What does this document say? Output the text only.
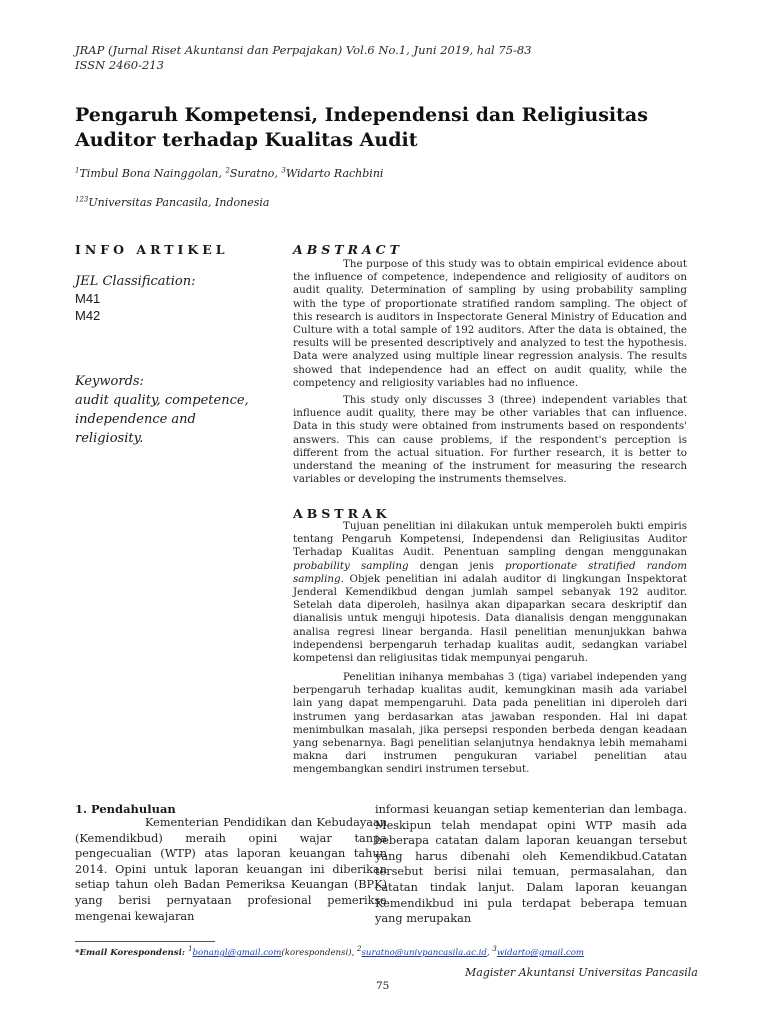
JRAP (Jurnal Riset Akuntansi dan Perpajakan) Vol.6 No.1, Juni 2019, hal 75-83
ISSN 2460-213
Pengaruh Kompetensi, Independensi dan Religiusitas Auditor terhadap Kualitas Audit
$^1$Timbul Bona Nainggolan, $^2$Suratno, $^3$Widarto Rachbini
$^{123}$Universitas Pancasila, Indonesia
INFO ARTIKEL
JEL Classification:
M41
M42
Keywords:
audit quality, competence, independence and religiosity.
ABSTRACT

The purpose of this study was to obtain empirical evidence about the influence of competence, independence and religiosity of auditors on audit quality. Determination of sampling by using probability sampling with the type of proportionate stratified random sampling. The object of this research is auditors in Inspectorate General Ministry of Education and Culture with a total sample of 192 auditors. After the data is obtained, the results will be presented descriptively and analyzed to test the hypothesis. Data were analyzed using multiple linear regression analysis. The results showed that independence had an effect on audit quality, while the competency and religiosity variables had no influence.

This study only discusses 3 (three) independent variables that influence audit quality, there may be other variables that can influence. Data in this study were obtained from instruments based on respondents' answers. This can cause problems, if the respondent's perception is different from the actual situation. For further research, it is better to understand the meaning of the instrument for measuring the research variables or developing the instruments themselves.

ABSTRAK

Tujuan penelitian ini dilakukan untuk memperoleh bukti empiris tentang Pengaruh Kompetensi, Independensi dan Religiusitas Auditor Terhadap Kualitas Audit. Penentuan sampling dengan menggunakan probability sampling dengan jenis proportionate stratified random sampling. Objek penelitian ini adalah auditor di lingkungan Inspektorat Jenderal Kemendikbud dengan jumlah sampel sebanyak 192 auditor. Setelah data diperoleh, hasilnya akan dipaparkan secara deskriptif dan dianalisis untuk menguji hipotesis. Data dianalisis dengan menggunakan analisa regresi linear berganda. Hasil penelitian menunjukkan bahwa independensi berpengaruh terhadap kualitas audit, sedangkan variabel kompetensi dan religiusitas tidak mempunyai pengaruh.

Penelitian inihanya membahas 3 (tiga) variabel independen yang berpengaruh terhadap kualitas audit, kemungkinan masih ada variabel lain yang dapat mempengaruhi. Data pada penelitian ini diperoleh dari instrumen yang berdasarkan atas jawaban responden. Hal ini dapat menimbulkan masalah, jika persepsi responden berbeda dengan keadaan yang sebenarnya. Bagi penelitian selanjutnya hendaknya lebih memahami makna dari instrumen pengukuran variabel penelitian atau mengembangkan sendiri instrumen tersebut.

1. Pendahuluan

Kementerian Pendidikan dan Kebudayaan (Kemendikbud) meraih opini wajar tanpa pengecualian (WTP) atas laporan keuangan tahun 2014. Opini untuk laporan keuangan ini diberikan setiap tahun oleh Badan Pemeriksa Keuangan (BPK) yang berisi pernyataan profesional pemeriksa mengenai kewajaran

informasi keuangan setiap kementerian dan lembaga. Meskipun telah mendapat opini WTP masih ada beberapa catatan dalam laporan keuangan tersebut yang harus dibenahi oleh Kemendikbud.Catatan tersebut berisi nilai temuan, permasalahan, dan catatan tindak lanjut. Dalam laporan keuangan Kemendikbud ini pula terdapat beberapa temuan yang merupakan

*Email Korespondensi: $^1$bonangl@gmail.com(korespondensi), $^2$suratno@univpancasila.ac.id, $^3$widarto@gmail.com
Magister Akuntansi Universitas Pancasila
75
